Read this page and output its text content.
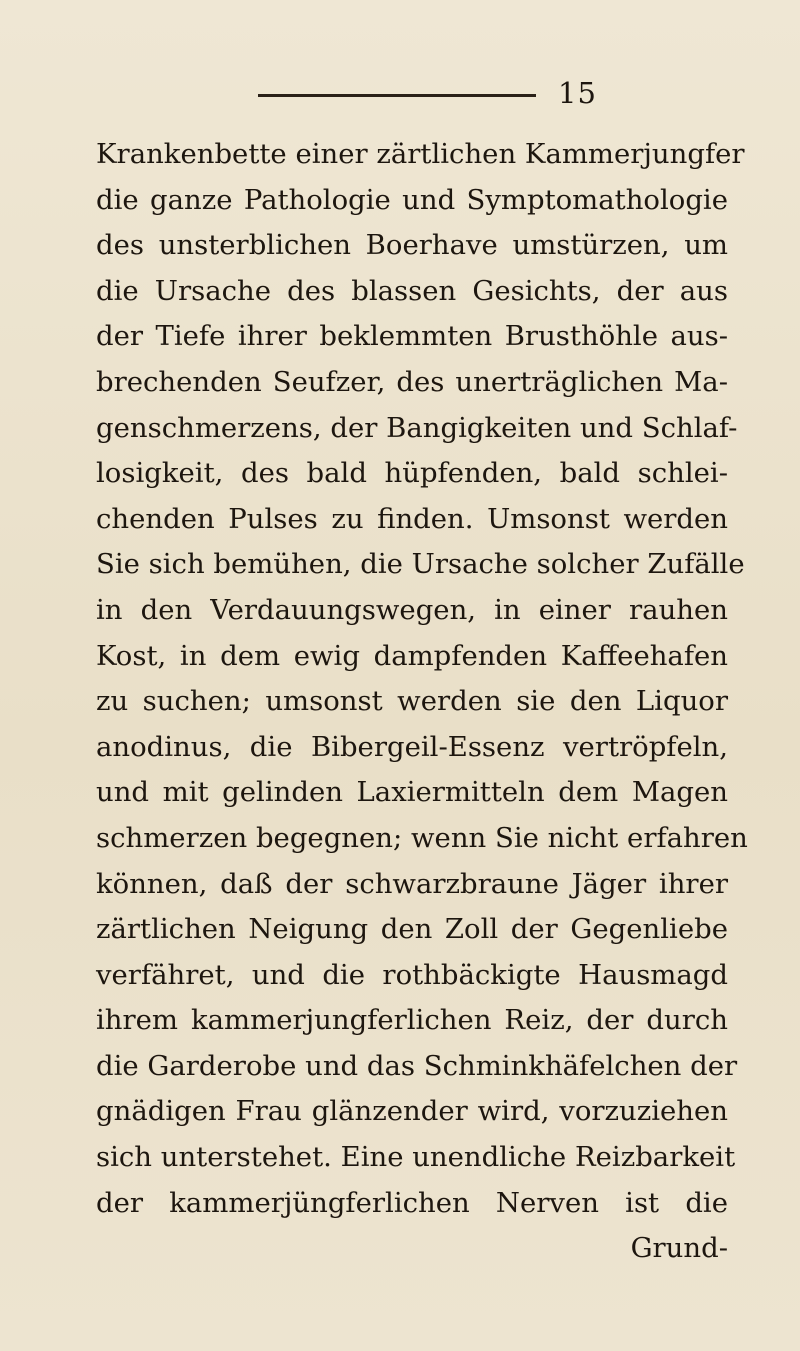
15
Krankenbette einer zärtlichen Kammerjungfer
die ganze Pathologie und Symptomathologie
des unsterblichen Boerhave umstürzen, um
die Ursache des blassen Gesichts, der aus
der Tiefe ihrer beklemmten Brusthöhle aus-
brechenden Seufzer, des unerträglichen Ma-
genschmerzens, der Bangigkeiten und Schlaf-
losigkeit, des bald hüpfenden, bald schlei-
chenden Pulses zu finden. Umsonst werden
Sie sich bemühen, die Ursache solcher Zufälle
in den Verdauungswegen, in einer rauhen
Kost, in dem ewig dampfenden Kaffeehafen
zu suchen; umsonst werden sie den Liquor
anodinus, die Bibergeil-Essenz vertröpfeln,
und mit gelinden Laxiermitteln dem Magen
schmerzen begegnen; wenn Sie nicht erfahren
können, daß der schwarzbraune Jäger ihrer
zärtlichen Neigung den Zoll der Gegenliebe
verfähret, und die rothbäckigte Hausmagd
ihrem kammerjungferlichen Reiz, der durch
die Garderobe und das Schminkhäfelchen der
gnädigen Frau glänzender wird, vorzuziehen
sich unterstehet. Eine unendliche Reizbarkeit
der kammerjüngferlichen Nerven ist die
Grund-
